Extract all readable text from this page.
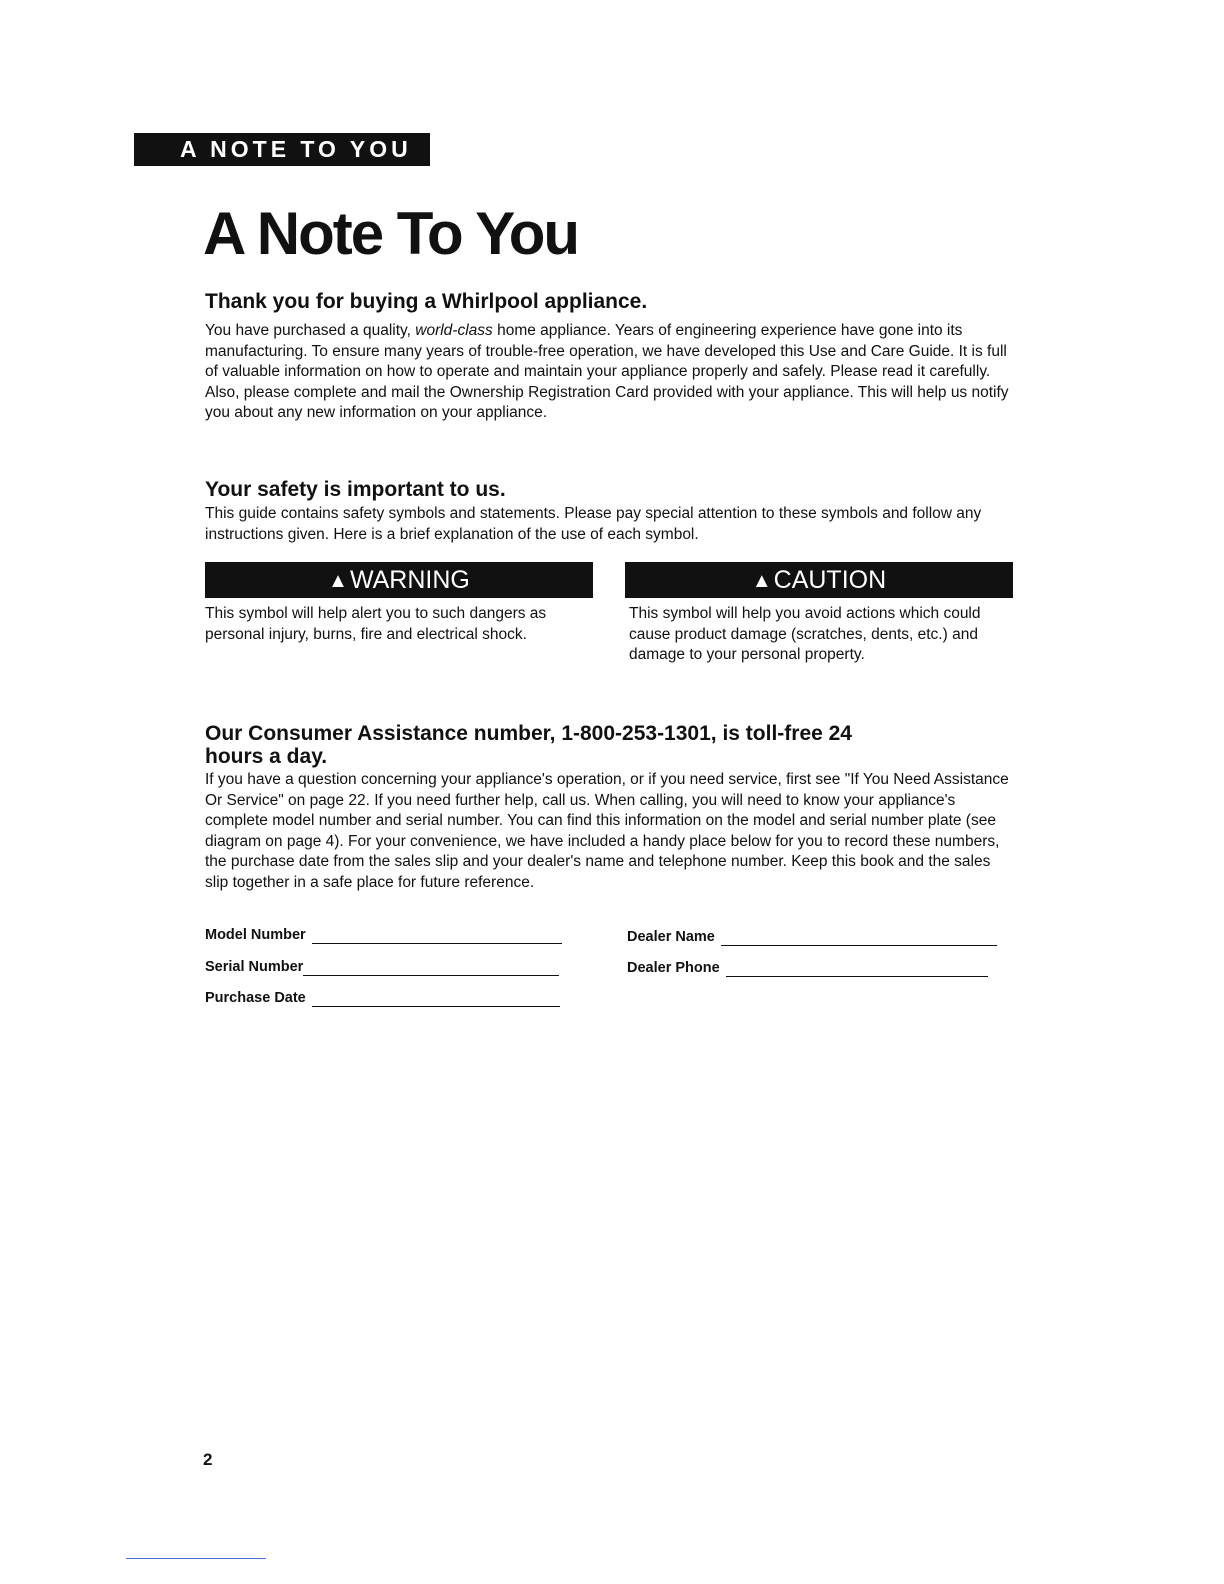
A NOTE TO YOU
A Note To You
Thank you for buying a Whirlpool appliance.

You have purchased a quality, world-class home appliance. Years of engineering experience have gone into its manufacturing. To ensure many years of trouble-free operation, we have developed this Use and Care Guide. It is full of valuable information on how to operate and maintain your appliance properly and safely. Please read it carefully. Also, please complete and mail the Ownership Registration Card provided with your appliance. This will help us notify you about any new information on your appliance.

Your safety is important to us.

This guide contains safety symbols and statements. Please pay special attention to these symbols and follow any instructions given. Here is a brief explanation of the use of each symbol.

▲WARNING

This symbol will help alert you to such dangers as personal injury, burns, fire and electrical shock.

▲CAUTION

This symbol will help you avoid actions which could cause product damage (scratches, dents, etc.) and damage to your personal property.

Our Consumer Assistance number, 1-800-253-1301, is toll-free 24 hours a day.

If you have a question concerning your appliance's operation, or if you need service, first see "If You Need Assistance Or Service" on page 22. If you need further help, call us. When calling, you will need to know your appliance's complete model number and serial number. You can find this information on the model and serial number plate (see diagram on page 4). For your convenience, we have included a handy place below for you to record these numbers, the purchase date from the sales slip and your dealer's name and telephone number. Keep this book and the sales slip together in a safe place for future reference.

Model Number
Serial Number
Purchase Date
Dealer Name
Dealer Phone
2
